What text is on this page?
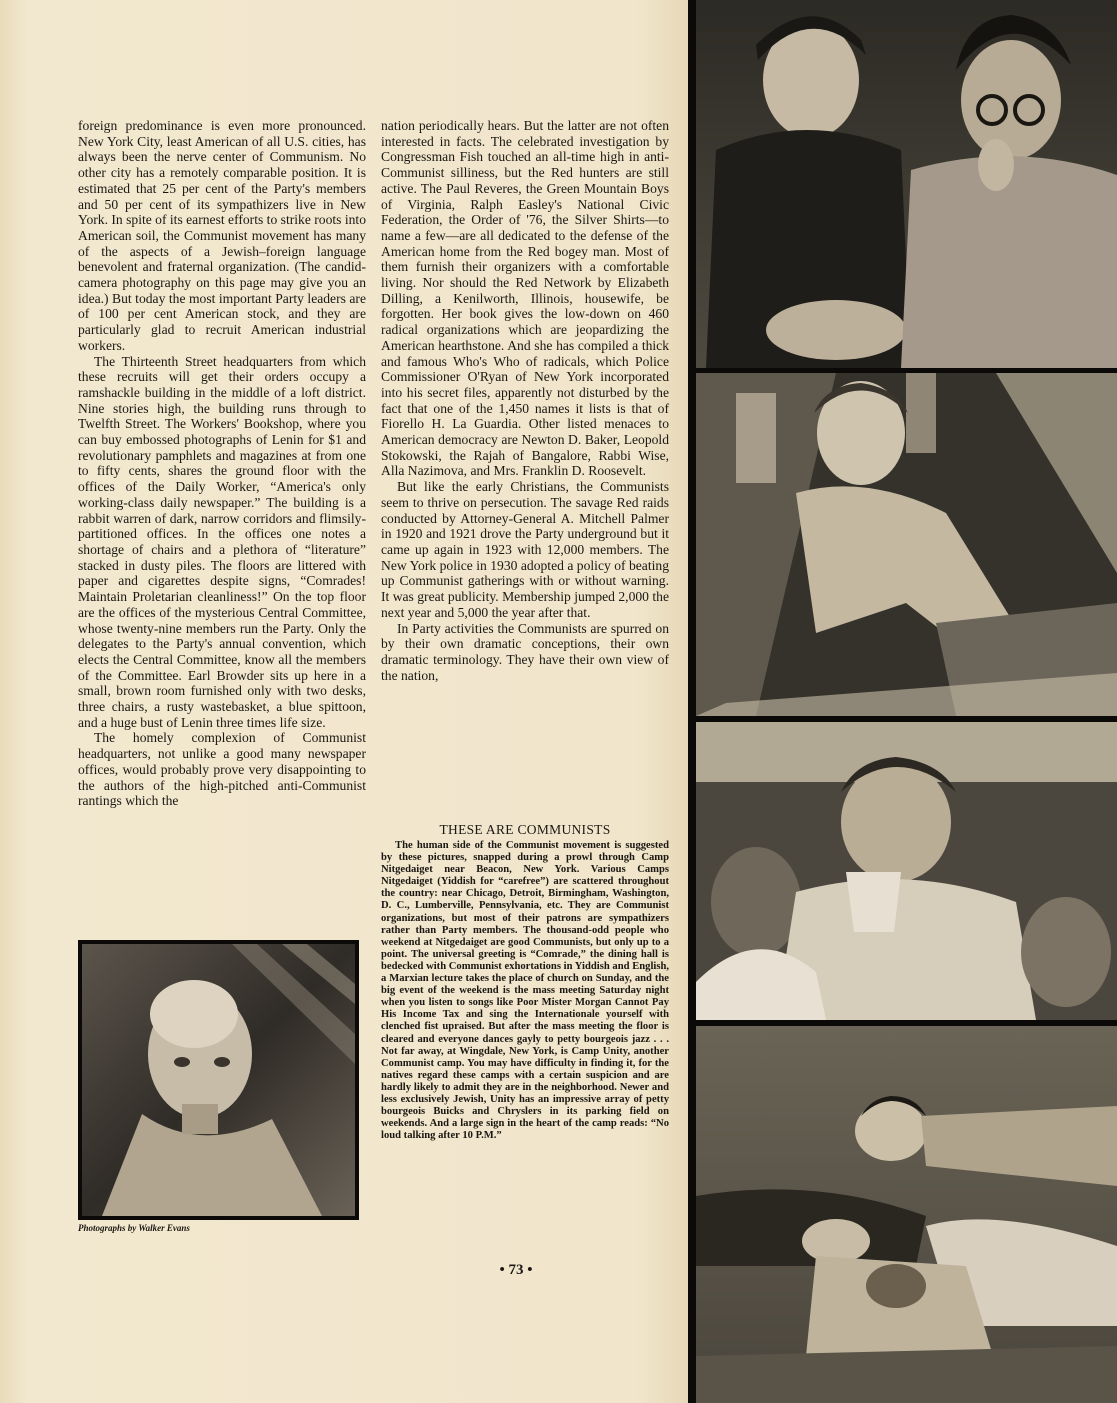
foreign predominance is even more pronounced. New York City, least American of all U.S. cities, has always been the nerve center of Communism. No other city has a remotely comparable position. It is estimated that 25 per cent of the Party's members and 50 per cent of its sympathizers live in New York. In spite of its earnest efforts to strike roots into American soil, the Communist movement has many of the aspects of a Jewish–foreign language benevolent and fraternal organization. (The candid-camera photography on this page may give you an idea.) But today the most important Party leaders are of 100 per cent American stock, and they are particularly glad to recruit American industrial workers.

The Thirteenth Street headquarters from which these recruits will get their orders occupy a ramshackle building in the middle of a loft district. Nine stories high, the building runs through to Twelfth Street. The Workers' Bookshop, where you can buy embossed photographs of Lenin for $1 and revolutionary pamphlets and magazines at from one to fifty cents, shares the ground floor with the offices of the Daily Worker, “America's only working-class daily newspaper.” The building is a rabbit warren of dark, narrow corridors and flimsily-partitioned offices. In the offices one notes a shortage of chairs and a plethora of “literature” stacked in dusty piles. The floors are littered with paper and cigarettes despite signs, “Comrades! Maintain Proletarian cleanliness!” On the top floor are the offices of the mysterious Central Committee, whose twenty-nine members run the Party. Only the delegates to the Party's annual convention, which elects the Central Committee, know all the members of the Committee. Earl Browder sits up here in a small, brown room furnished only with two desks, three chairs, a rusty wastebasket, a blue spittoon, and a huge bust of Lenin three times life size.

The homely complexion of Communist headquarters, not unlike a good many newspaper offices, would probably prove very disappointing to the authors of the high-pitched anti-Communist rantings which the

nation periodically hears. But the latter are not often interested in facts. The celebrated investigation by Congressman Fish touched an all-time high in anti-Communist silliness, but the Red hunters are still active. The Paul Reveres, the Green Mountain Boys of Virginia, Ralph Easley's National Civic Federation, the Order of '76, the Silver Shirts—to name a few—are all dedicated to the defense of the American home from the Red bogey man. Most of them furnish their organizers with a comfortable living. Nor should the Red Network by Elizabeth Dilling, a Kenilworth, Illinois, housewife, be forgotten. Her book gives the low-down on 460 radical organizations which are jeopardizing the American hearthstone. And she has compiled a thick and famous Who's Who of radicals, which Police Commissioner O'Ryan of New York incorporated into his secret files, apparently not disturbed by the fact that one of the 1,450 names it lists is that of Fiorello H. La Guardia. Other listed menaces to American democracy are Newton D. Baker, Leopold Stokowski, the Rajah of Bangalore, Rabbi Wise, Alla Nazimova, and Mrs. Franklin D. Roosevelt.

But like the early Christians, the Communists seem to thrive on persecution. The savage Red raids conducted by Attorney-General A. Mitchell Palmer in 1920 and 1921 drove the Party underground but it came up again in 1923 with 12,000 members. The New York police in 1930 adopted a policy of beating up Communist gatherings with or without warning. It was great publicity. Membership jumped 2,000 the next year and 5,000 the year after that.

In Party activities the Communists are spurred on by their own dramatic conceptions, their own dramatic terminology. They have their own view of the nation,

Photographs by Walker Evans
THESE ARE COMMUNISTS

The human side of the Communist movement is suggested by these pictures, snapped during a prowl through Camp Nitgedaiget near Beacon, New York. Various Camps Nitgedaiget (Yiddish for “carefree”) are scattered throughout the country: near Chicago, Detroit, Birmingham, Washington, D. C., Lumberville, Pennsylvania, etc. They are Communist organizations, but most of their patrons are sympathizers rather than Party members. The thousand-odd people who weekend at Nitgedaiget are good Communists, but only up to a point. The universal greeting is “Comrade,” the dining hall is bedecked with Communist exhortations in Yiddish and English, a Marxian lecture takes the place of church on Sunday, and the big event of the weekend is the mass meeting Saturday night when you listen to songs like Poor Mister Morgan Cannot Pay His Income Tax and sing the Internationale yourself with clenched fist upraised. But after the mass meeting the floor is cleared and everyone dances gayly to petty bourgeois jazz . . . Not far away, at Wingdale, New York, is Camp Unity, another Communist camp. You may have difficulty in finding it, for the natives regard these camps with a certain suspicion and are hardly likely to admit they are in the neighborhood. Newer and less exclusively Jewish, Unity has an impressive array of petty bourgeois Buicks and Chryslers in its parking field on weekends. And a large sign in the heart of the camp reads: “No loud talking after 10 P.M.”

• 73 •
